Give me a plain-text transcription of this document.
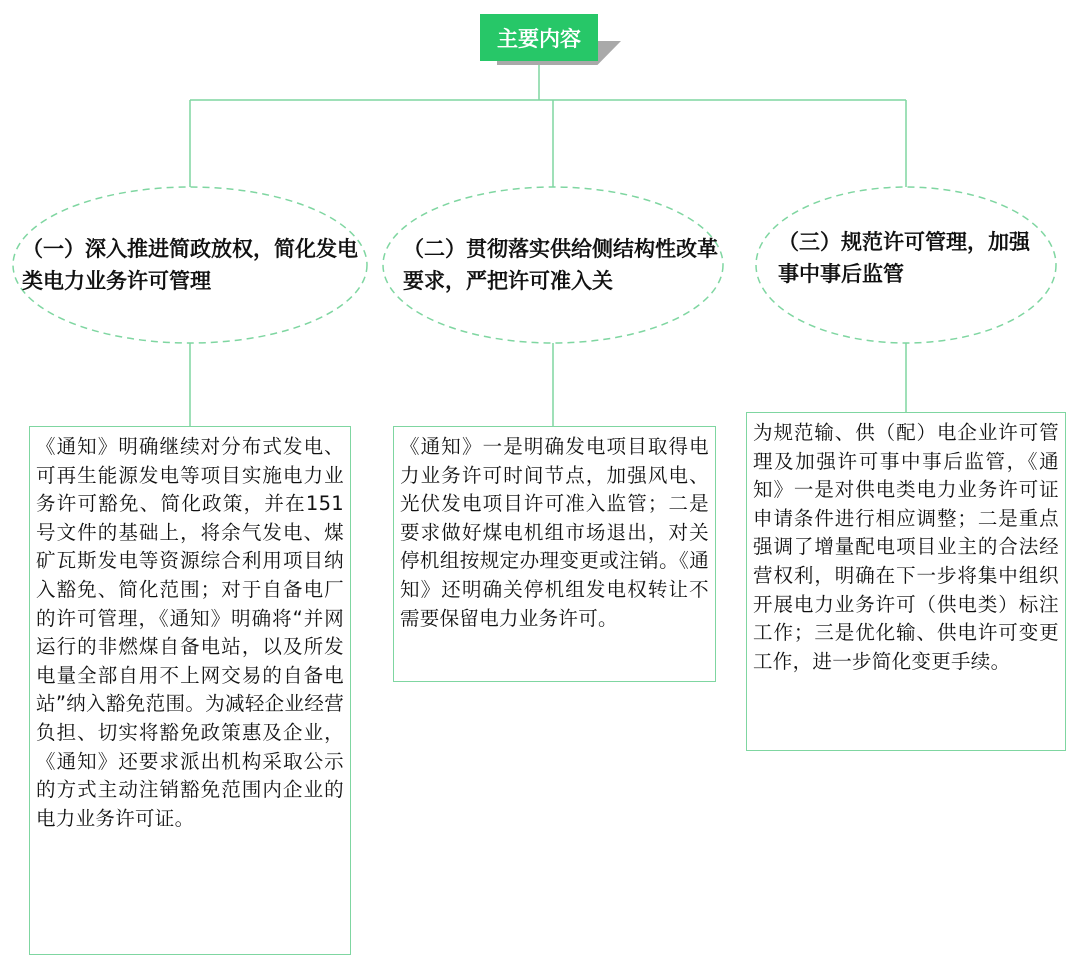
主要内容
（一）深入推进简政放权，简化发电类电力业务许可管理
（二）贯彻落实供给侧结构性改革要求，严把许可准入关
（三）规范许可管理，加强事中事后监管
《通知》明确继续对分布式发电、可再生能源发电等项目实施电力业务许可豁免、简化政策，并在151号文件的基础上，将余气发电、煤矿瓦斯发电等资源综合利用项目纳入豁免、简化范围；对于自备电厂的许可管理，《通知》明确将“并网运行的非燃煤自备电站，以及所发电量全部自用不上网交易的自备电站”纳入豁免范围。为减轻企业经营负担、切实将豁免政策惠及企业，《通知》还要求派出机构采取公示的方式主动注销豁免范围内企业的电力业务许可证。
《通知》一是明确发电项目取得电力业务许可时间节点，加强风电、光伏发电项目许可准入监管；二是要求做好煤电机组市场退出，对关停机组按规定办理变更或注销。《通知》还明确关停机组发电权转让不需要保留电力业务许可。
为规范输、供（配）电企业许可管理及加强许可事中事后监管，《通知》一是对供电类电力业务许可证申请条件进行相应调整；二是重点强调了增量配电项目业主的合法经营权利，明确在下一步将集中组织开展电力业务许可（供电类）标注工作；三是优化输、供电许可变更工作，进一步简化变更手续。
